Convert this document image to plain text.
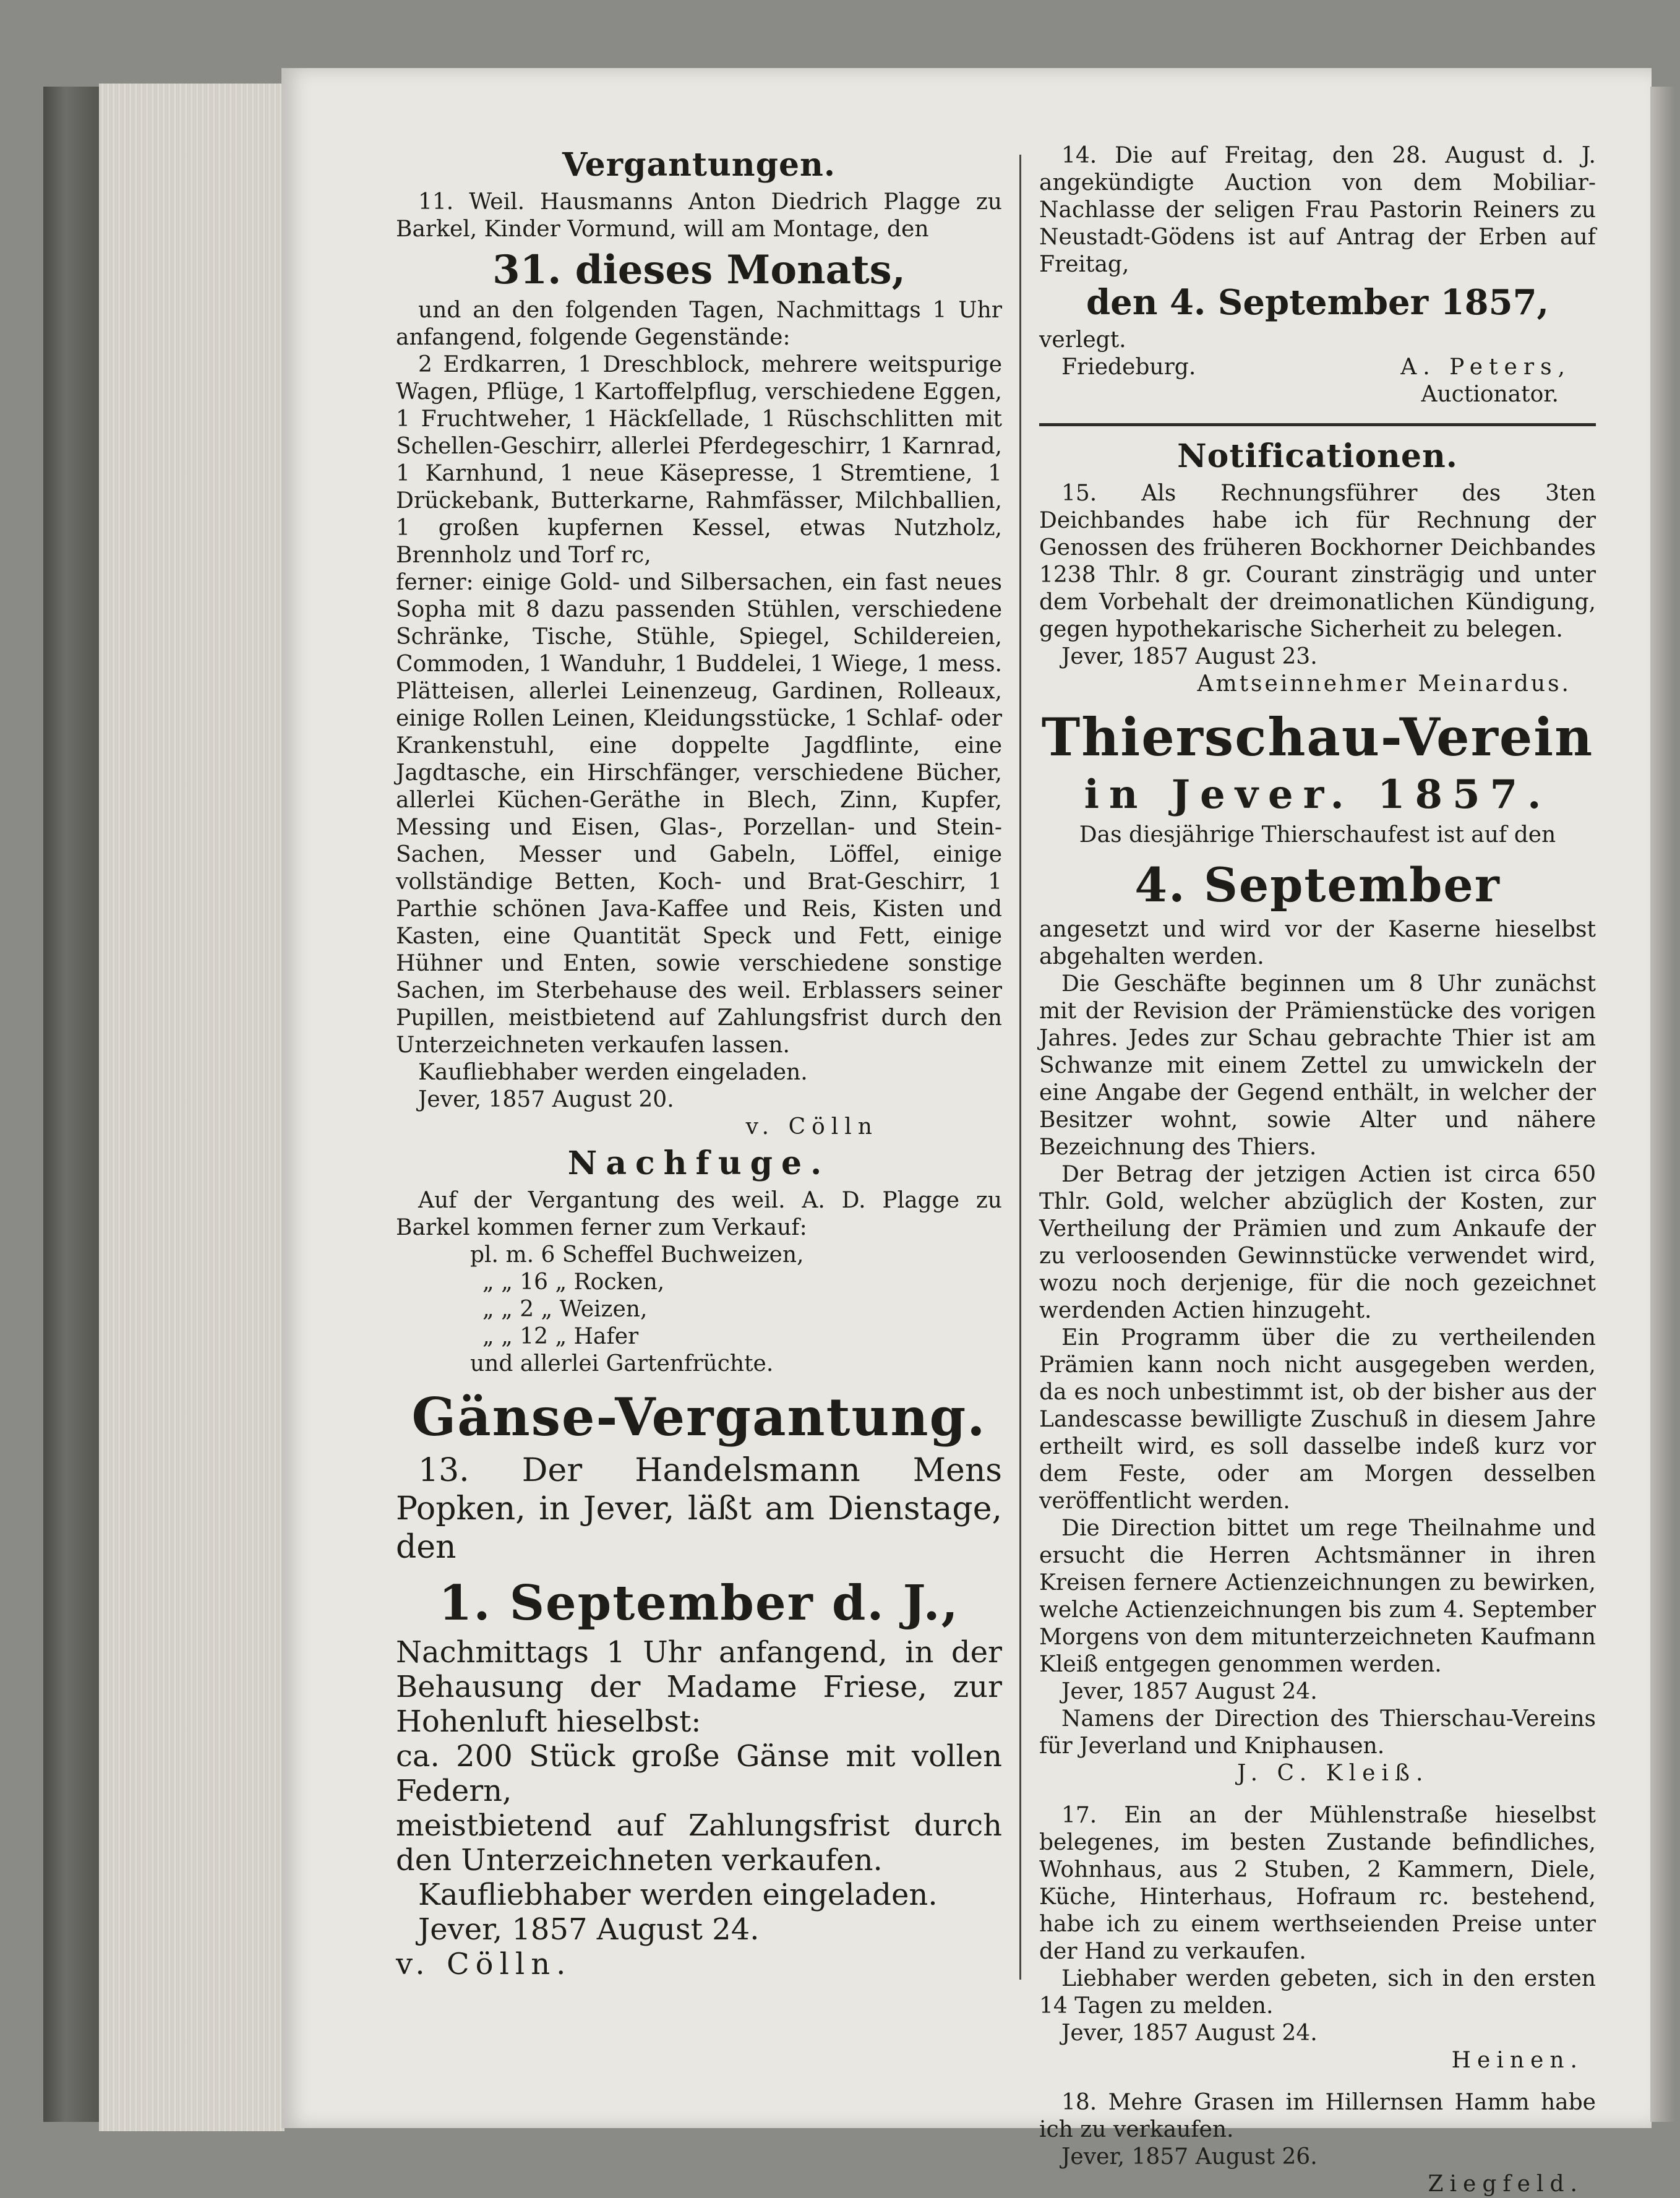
Vergantungen.

11. Weil. Hausmanns Anton Diedrich Plagge zu Barkel, Kinder Vormund, will am Montage, den

31. dieses Monats,

und an den folgenden Tagen, Nachmittags 1 Uhr anfangend, folgende Gegenstände:

2 Erdkarren, 1 Dreschblock, mehrere weitspurige Wagen, Pflüge, 1 Kartoffelpflug, verschiedene Eggen, 1 Fruchtweher, 1 Häckſellade, 1 Rüschschlitten mit Schellen-Geschirr, allerlei Pferdegeschirr, 1 Karnrad, 1 Karnhund, 1 neue Käsepresse, 1 Stremtiene, 1 Drückebank, Butterkarne, Rahmfässer, Milchballien, 1 großen kupfernen Kessel, etwas Nutzholz, Brennholz und Torf rc,

ferner: einige Gold- und Silbersachen, ein fast neues Sopha mit 8 dazu passenden Stühlen, verschiedene Schränke, Tische, Stühle, Spiegel, Schildereien, Commoden, 1 Wanduhr, 1 Buddelei, 1 Wiege, 1 mess. Plätteisen, allerlei Leinenzeug, Gardinen, Rolleaux, einige Rollen Leinen, Kleidungsstücke, 1 Schlaf- oder Krankenstuhl, eine doppelte Jagdflinte, eine Jagdtasche, ein Hirschfänger, verschiedene Bücher, allerlei Küchen-Geräthe in Blech, Zinn, Kupfer, Messing und Eisen, Glas-, Porzellan- und Stein-Sachen, Messer und Gabeln, Löffel, einige vollständige Betten, Koch- und Brat-Geschirr, 1 Parthie schönen Java-Kaffee und Reis, Kisten und Kasten, eine Quantität Speck und Fett, einige Hühner und Enten, sowie verschiedene sonstige Sachen, im Sterbehause des weil. Erblassers seiner Pupillen, meistbietend auf Zahlungsfrist durch den Unterzeichneten verkaufen lassen.

Kaufliebhaber werden eingeladen.

Jever, 1857 August 20.

v. Cölln

Nachfuge.

Auf der Vergantung des weil. A. D. Plagge zu Barkel kommen ferner zum Verkauf:

pl. m. 6 Scheffel Buchweizen,

„ „ 16 „ Rocken,

„ „ 2 „ Weizen,

„ „ 12 „ Hafer

und allerlei Gartenfrüchte.

Gänse-Vergantung.

13. Der Handelsmann Mens Popken, in Jever, läßt am Dienstage, den

1. September d. J.,

Nachmittags 1 Uhr anfangend, in der Behausung der Madame Friese, zur Hohenluft hieselbst:

ca. 200 Stück große Gänse mit vollen Federn,

meistbietend auf Zahlungsfrist durch den Unterzeichneten verkaufen.

Kaufliebhaber werden eingeladen.

Jever, 1857 August 24.

v. Cölln.

14. Die auf Freitag, den 28. August d. J. angekündigte Auction von dem Mobiliar-Nachlasse der seligen Frau Pastorin Reiners zu Neustadt-Gödens ist auf Antrag der Erben auf Freitag,

den 4. September 1857,

verlegt.

Friedeburg.	A. Peters,

Auctionator.

Notificationen.

15. Als Rechnungsführer des 3ten Deichbandes habe ich für Rechnung der Genossen des früheren Bockhorner Deichbandes 1238 Thlr. 8 gr. Courant zinsträgig und unter dem Vorbehalt der dreimonatlichen Kündigung, gegen hypothekarische Sicherheit zu belegen.

Jever, 1857 August 23.

Amtseinnehmer Meinardus.

Thierschau-Verein
in Jever. 1857.

Das diesjährige Thierschaufest ist auf den

4. September

angesetzt und wird vor der Kaserne hieselbst abgehalten werden.

Die Geschäfte beginnen um 8 Uhr zunächst mit der Revision der Prämienstücke des vorigen Jahres. Jedes zur Schau gebrachte Thier ist am Schwanze mit einem Zettel zu umwickeln der eine Angabe der Gegend enthält, in welcher der Besitzer wohnt, sowie Alter und nähere Bezeichnung des Thiers.

Der Betrag der jetzigen Actien ist circa 650 Thlr. Gold, welcher abzüglich der Kosten, zur Vertheilung der Prämien und zum Ankaufe der zu verloosenden Gewinnstücke verwendet wird, wozu noch derjenige, für die noch gezeichnet werdenden Actien hinzugeht.

Ein Programm über die zu vertheilenden Prämien kann noch nicht ausgegeben werden, da es noch unbestimmt ist, ob der bisher aus der Landescasse bewilligte Zuschuß in diesem Jahre ertheilt wird, es soll dasselbe indeß kurz vor dem Feste, oder am Morgen desselben veröffentlicht werden.

Die Direction bittet um rege Theilnahme und ersucht die Herren Achtsmänner in ihren Kreisen fernere Actienzeichnungen zu bewirken, welche Actienzeichnungen bis zum 4. September Morgens von dem mitunterzeichneten Kaufmann Kleiß entgegen genommen werden.

Jever, 1857 August 24.

Namens der Direction des Thierschau-Vereins für Jeverland und Kniphausen.

J. C. Kleiß.

17. Ein an der Mühlenstraße hieselbst belegenes, im besten Zustande befindliches, Wohnhaus, aus 2 Stuben, 2 Kammern, Diele, Küche, Hinterhaus, Hofraum rc. bestehend, habe ich zu einem werthseienden Preise unter der Hand zu verkaufen.

Liebhaber werden gebeten, sich in den ersten 14 Tagen zu melden.

Jever, 1857 August 24.

Heinen.

18. Mehre Grasen im Hillernsen Hamm habe ich zu verkaufen.

Jever, 1857 August 26.

Ziegfeld.
